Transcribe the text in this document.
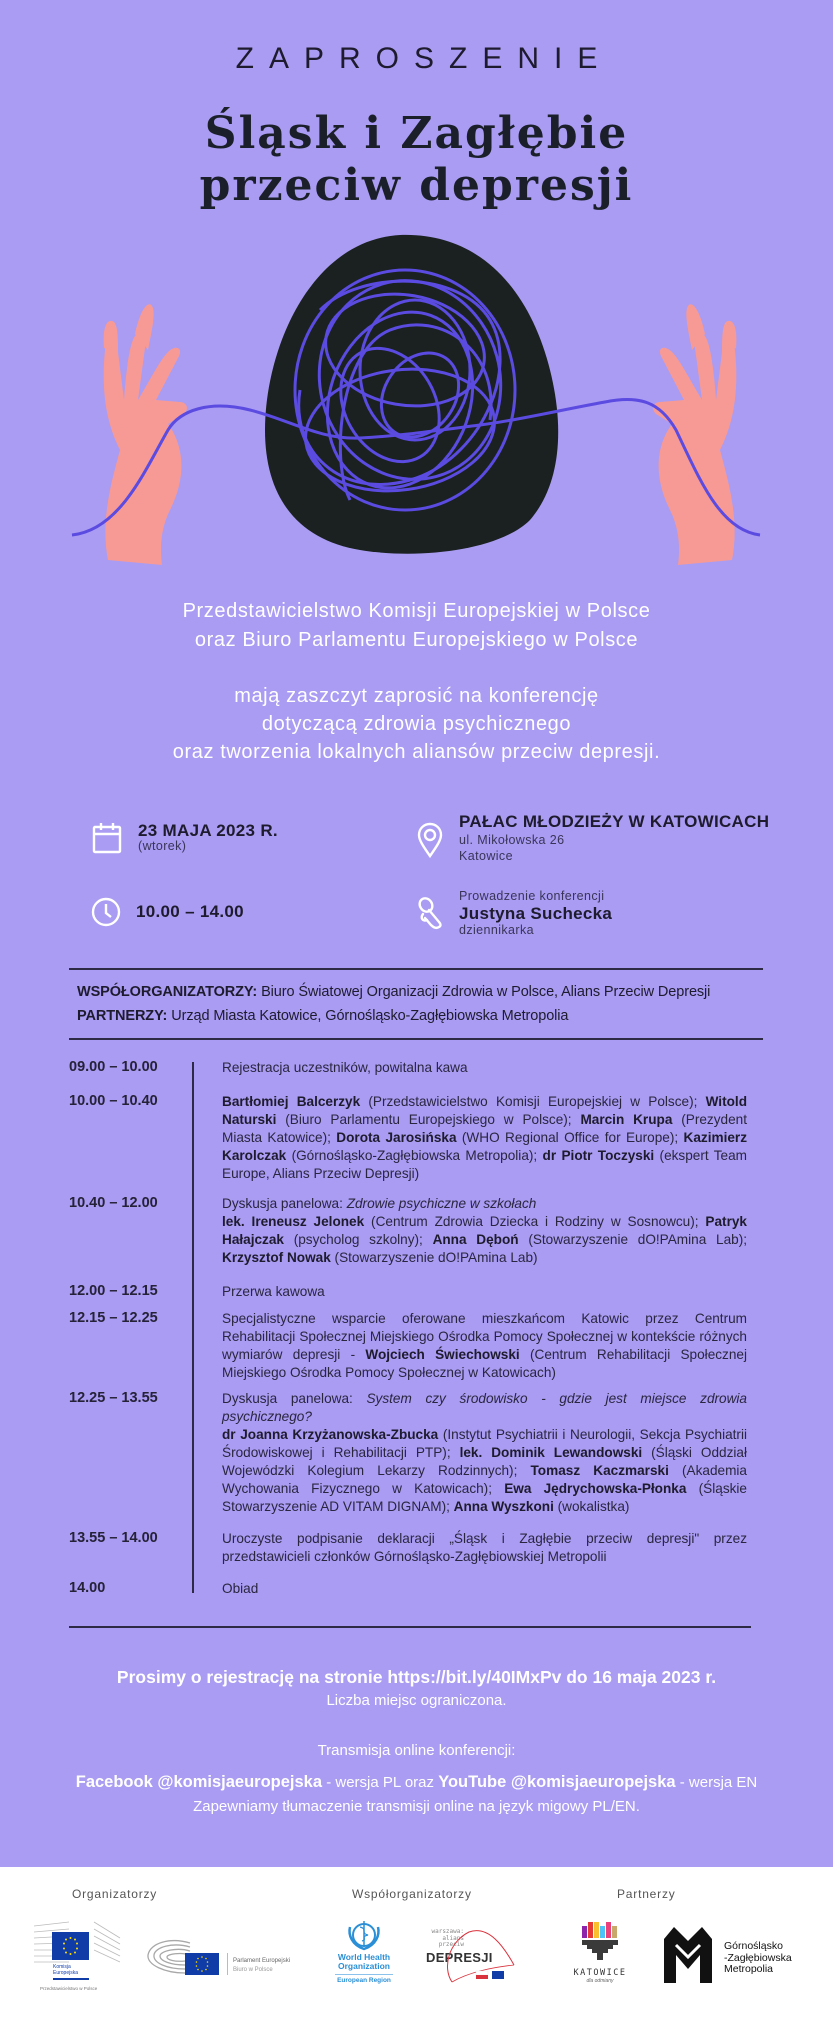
ZAPROSZENIE
Śląsk i Zagłębie
przeciw depresji
Przedstawicielstwo Komisji Europejskiej w Polsce
oraz Biuro Parlamentu Europejskiego w Polsce
mają zaszczyt zaprosić na konferencję
dotyczącą zdrowia psychicznego
oraz tworzenia lokalnych aliansów przeciw depresji.
23 MAJA 2023 R.
(wtorek)
10.00 – 14.00
PAŁAC MŁODZIEŻY W KATOWICACH
ul. Mikołowska 26
Katowice
Prowadzenie konferencji
Justyna Suchecka
dziennikarka
WSPÓŁORGANIZATORZY: Biuro Światowej Organizacji Zdrowia w Polsce, Alians Przeciw Depresji
PARTNERZY: Urząd Miasta Katowice, Górnośląsko-Zagłębiowska Metropolia
09.00 – 10.00	Rejestracja uczestników, powitalna kawa
10.00 – 10.40	Bartłomiej Balcerzyk (Przedstawicielstwo Komisji Europejskiej w Polsce); Witold Naturski (Biuro Parlamentu Europejskiego w Polsce); Marcin Krupa (Prezydent Miasta Katowice); Dorota Jarosińska (WHO Regional Office for Europe); Kazimierz Karolczak (Górnośląsko-Zagłębiowska Metropolia); dr Piotr Toczyski (ekspert Team Europe, Alians Przeciw Depresji)
10.40 – 12.00	Dyskusja panelowa: Zdrowie psychiczne w szkołach
lek. Ireneusz Jelonek (Centrum Zdrowia Dziecka i Rodziny w Sosnowcu); Patryk Hałajczak (psycholog szkolny); Anna Dęboń (Stowarzyszenie dO!PAmina Lab); Krzysztof Nowak (Stowarzyszenie dO!PAmina Lab)
12.00 – 12.15	Przerwa kawowa
12.15 – 12.25	Specjalistyczne wsparcie oferowane mieszkańcom Katowic przez Centrum Rehabilitacji Społecznej Miejskiego Ośrodka Pomocy Społecznej w kontekście różnych wymiarów depresji - Wojciech Świechowski (Centrum Rehabilitacji Społecznej Miejskiego Ośrodka Pomocy Społecznej w Katowicach)
12.25 – 13.55	Dyskusja panelowa: System czy środowisko - gdzie jest miejsce zdrowia psychicznego?
dr Joanna Krzyżanowska-Zbucka (Instytut Psychiatrii i Neurologii, Sekcja Psychiatrii Środowiskowej i Rehabilitacji PTP); lek. Dominik Lewandowski (Śląski Oddział Wojewódzki Kolegium Lekarzy Rodzinnych); Tomasz Kaczmarski (Akademia Wychowania Fizycznego w Katowicach); Ewa Jędrychowska-Płonka (Śląskie Stowarzyszenie AD VITAM DIGNAM); Anna Wyszkoni (wokalistka)
13.55 – 14.00	Uroczyste podpisanie deklaracji „Śląsk i Zagłębie przeciw depresji" przez przedstawicieli członków Górnośląsko-Zagłębiowskiej Metropolii
14.00	Obiad
Prosimy o rejestrację na stronie https://bit.ly/40IMxPv do 16 maja 2023 r.
Liczba miejsc ograniczona.
Transmisja online konferencji:
Facebook @komisjaeuropejska - wersja PL oraz YouTube @komisjaeuropejska - wersja EN
Zapewniamy tłumaczenie transmisji online na język migowy PL/EN.
Organizatorzy	Współorganizatorzy	Partnerzy
Komisja
Europejska
Przedstawicielstwo w Polsce
Parlament Europejski
Biuro w Polsce
World Health
Organization
European Region
warszawa:
alians
przeciw
DEPRESJI
KATOWICE
dla odmiany
Górnośląsko
-Zagłębiowska
Metropolia
